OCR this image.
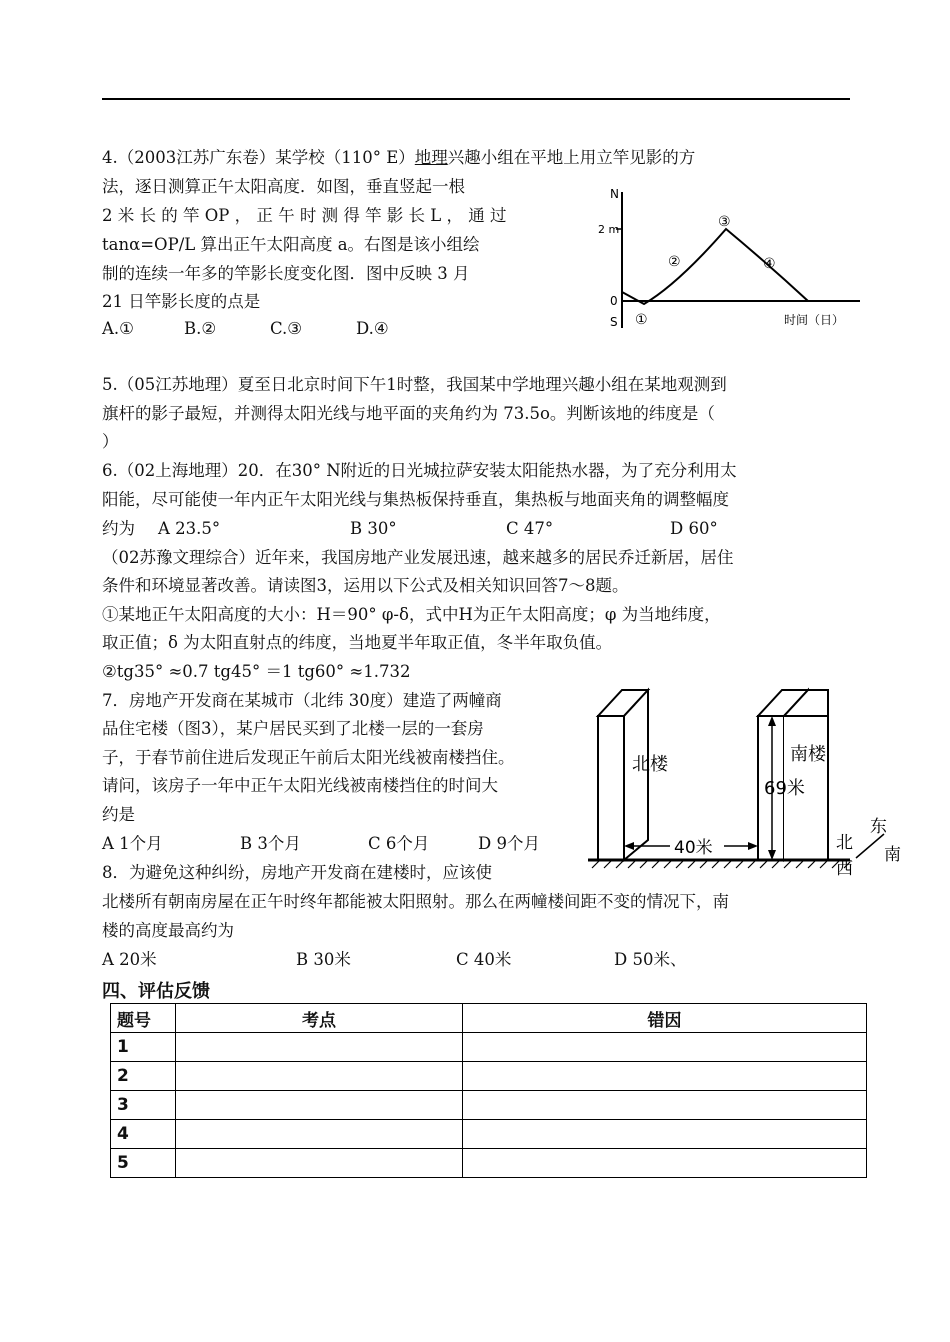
4.（2003江苏广东卷）某学校（110° E）地理兴趣小组在平地上用立竿见影的方
法，逐日测算正午太阳高度．如图，垂直竖起一根
2 米 长 的 竿 OP ， 正 午 时 测 得 竿 影 长 L ， 通 过
tanα=OP/L 算出正午太阳高度 a。右图是该小组绘
制的连续一年多的竿影长度变化图．图中反映 3 月
21 日竿影长度的点是
A.①	B.②	C.③	D.④
N
S
2 m
0
①
②
③
④
时间（日）
5.（05江苏地理）夏至日北京时间下午1时整，我国某中学地理兴趣小组在某地观测到
旗杆的影子最短，并测得太阳光线与地平面的夹角约为 73.5o。判断该地的纬度是（
）
6.（02上海地理）20．在30° N附近的日光城拉萨安装太阳能热水器，为了充分利用太
阳能，尽可能使一年内正午太阳光线与集热板保持垂直，集热板与地面夹角的调整幅度
约为 A 23.5°	B 30°	C 47°	D 60°
（02苏豫文理综合）近年来，我国房地产业发展迅速，越来越多的居民乔迁新居，居住
条件和环境显著改善。请读图3，运用以下公式及相关知识回答7～8题。
①某地正午太阳高度的大小：H＝90° φ-δ，式中H为正午太阳高度；φ 为当地纬度，
取正值；δ 为太阳直射点的纬度，当地夏半年取正值，冬半年取负值。
②tg35° ≈0.7 tg45° ＝1 tg60° ≈1.732
7．房地产开发商在某城市（北纬 30度）建造了两幢商
品住宅楼（图3），某户居民买到了北楼一层的一套房
子，于春节前住进后发现正午前后太阳光线被南楼挡住。
请问，该房子一年中正午太阳光线被南楼挡住的时间大
约是
A 1个月	B 3个月	C 6个月	D 9个月
北楼	南楼
69米
40米
东
北
南
西
8．为避免这种纠纷，房地产开发商在建楼时，应该使
北楼所有朝南房屋在正午时终年都能被太阳照射。那么在两幢楼间距不变的情况下，南
楼的高度最高约为
A 20米	B 30米	C 40米	D 50米、
四、评估反馈
题号	考点	错因
1		
2		
3		
4		
5		
